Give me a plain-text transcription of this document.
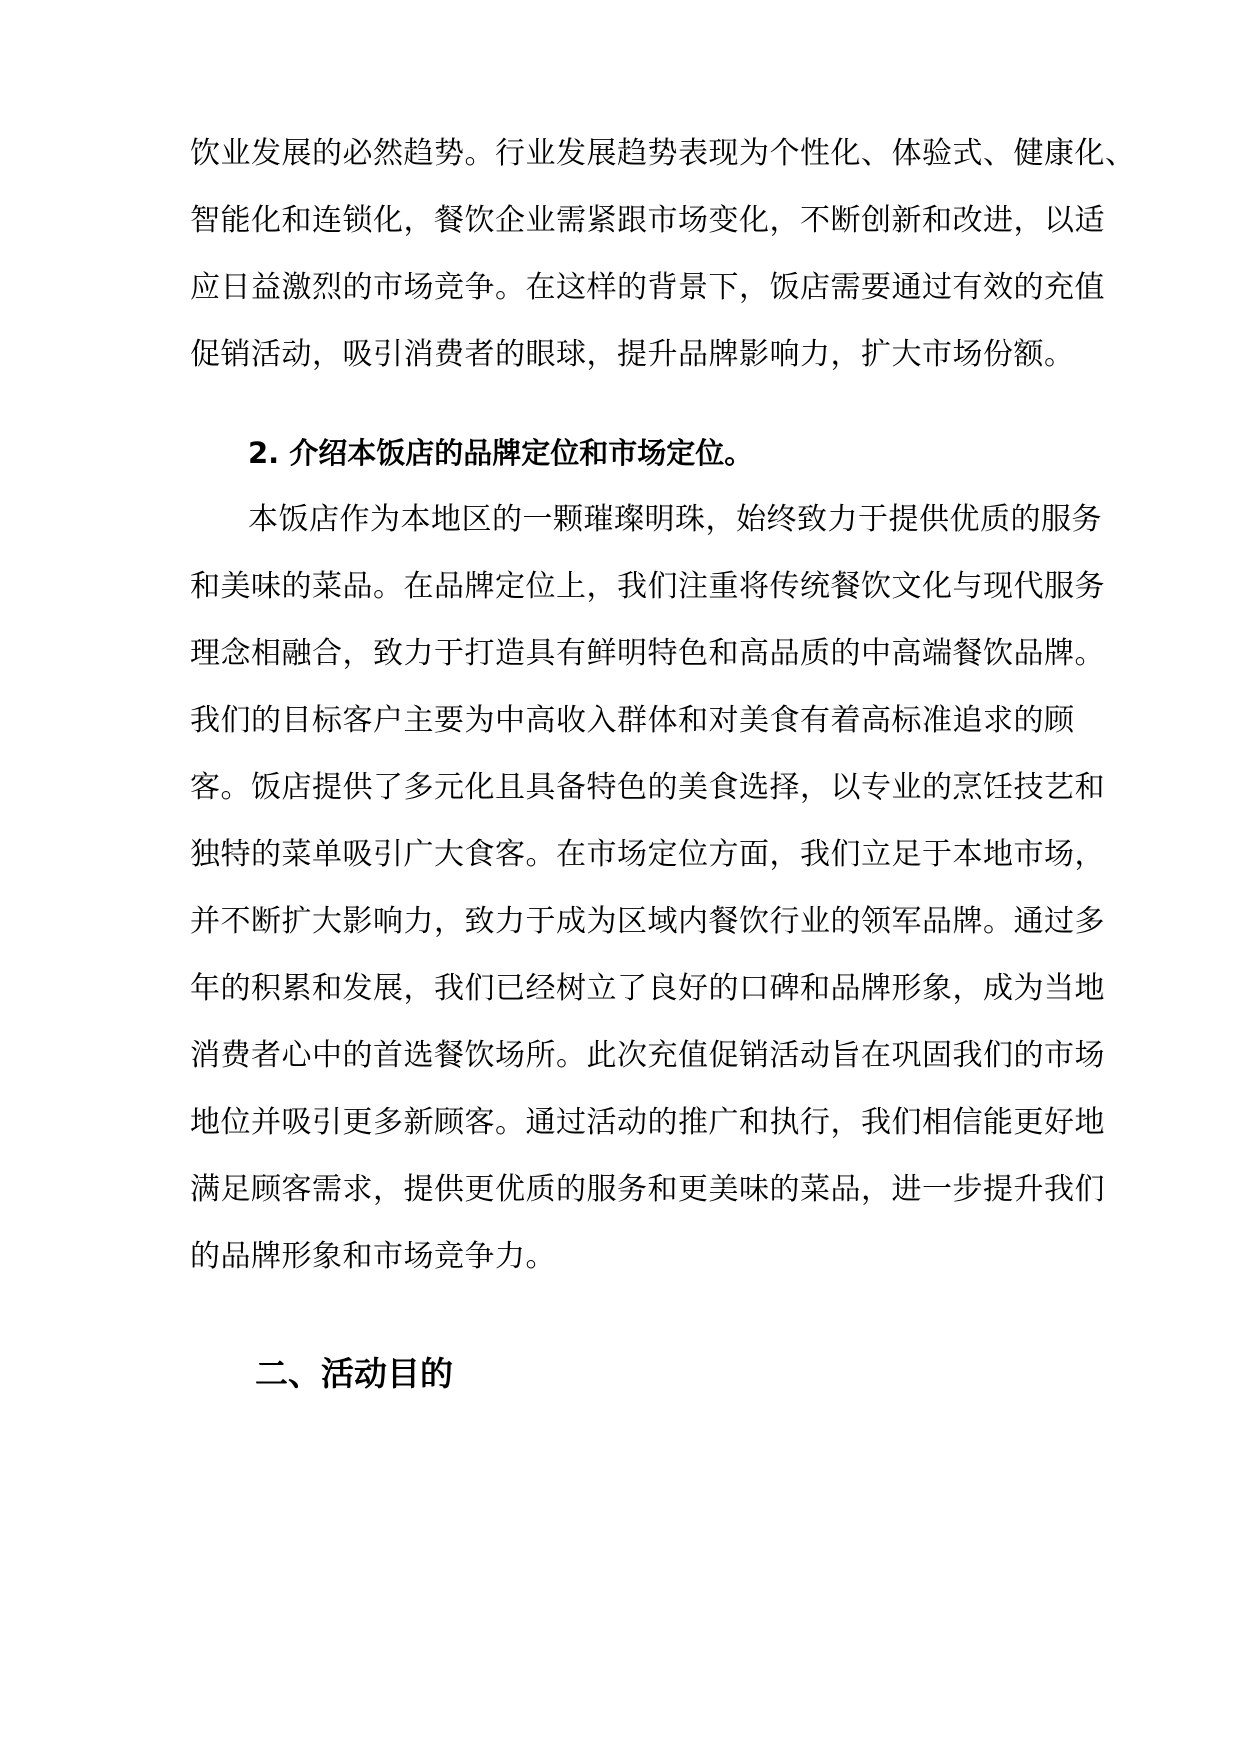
饮业发展的必然趋势。行业发展趋势表现为个性化、体验式、健康化、
智能化和连锁化，餐饮企业需紧跟市场变化，不断创新和改进，以适
应日益激烈的市场竞争。在这样的背景下，饭店需要通过有效的充值
促销活动，吸引消费者的眼球，提升品牌影响力，扩大市场份额。
2. 介绍本饭店的品牌定位和市场定位。
本饭店作为本地区的一颗璀璨明珠，始终致力于提供优质的服务
和美味的菜品。在品牌定位上，我们注重将传统餐饮文化与现代服务
理念相融合，致力于打造具有鲜明特色和高品质的中高端餐饮品牌。
我们的目标客户主要为中高收入群体和对美食有着高标准追求的顾
客。饭店提供了多元化且具备特色的美食选择，以专业的烹饪技艺和
独特的菜单吸引广大食客。在市场定位方面，我们立足于本地市场，
并不断扩大影响力，致力于成为区域内餐饮行业的领军品牌。通过多
年的积累和发展，我们已经树立了良好的口碑和品牌形象，成为当地
消费者心中的首选餐饮场所。此次充值促销活动旨在巩固我们的市场
地位并吸引更多新顾客。通过活动的推广和执行，我们相信能更好地
满足顾客需求，提供更优质的服务和更美味的菜品，进一步提升我们
的品牌形象和市场竞争力。
二、活动目的
